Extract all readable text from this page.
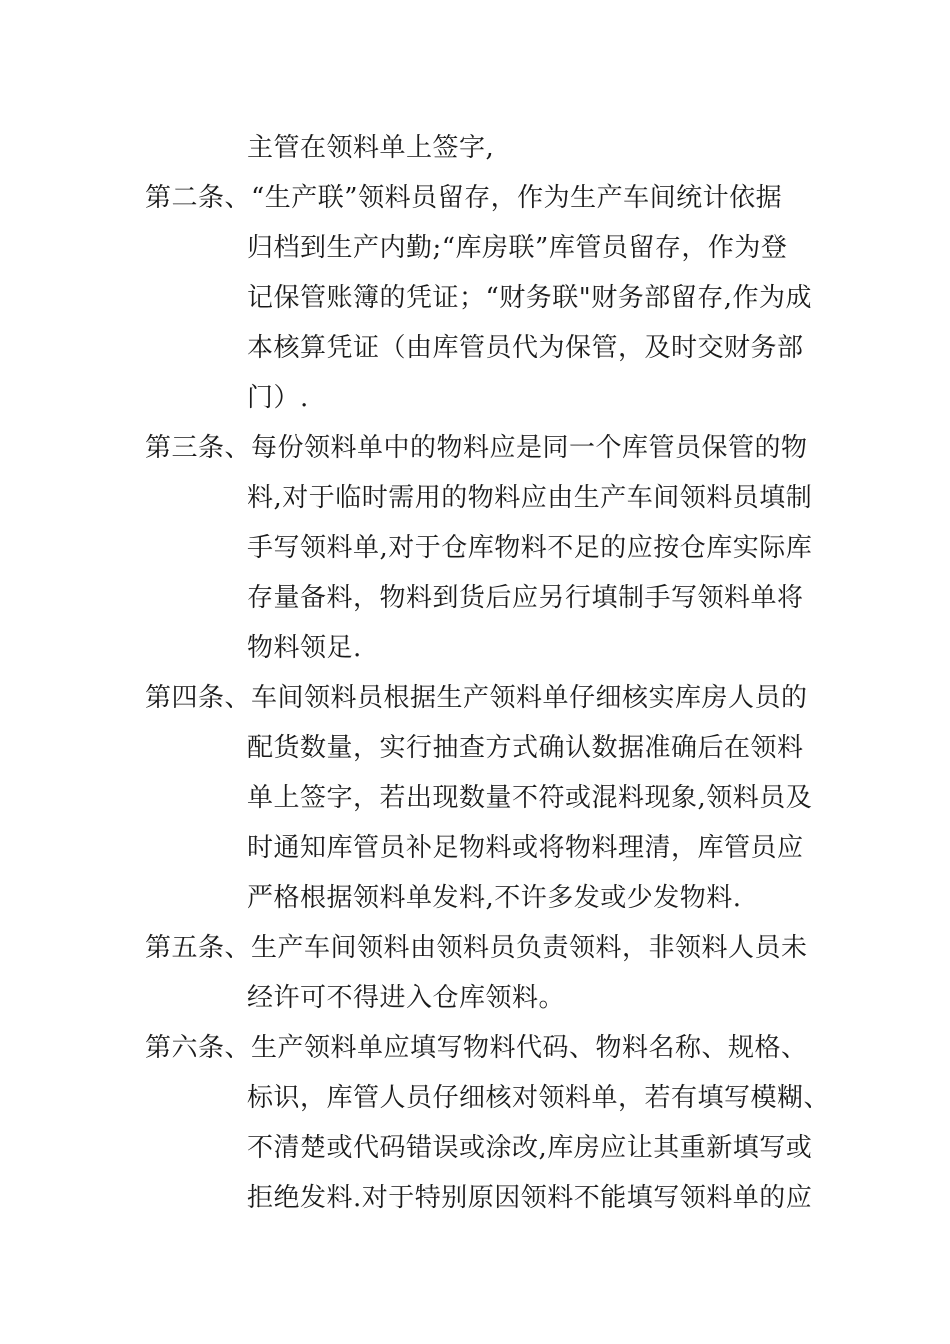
主管在领料单上签字,
第二条、“生产联”领料员留存，作为生产车间统计依据
归档到生产内勤;“库房联”库管员留存，作为登
记保管账簿的凭证；“财务联"财务部留存,作为成
本核算凭证（由库管员代为保管，及时交财务部
门）.
第三条、每份领料单中的物料应是同一个库管员保管的物
料,对于临时需用的物料应由生产车间领料员填制
手写领料单,对于仓库物料不足的应按仓库实际库
存量备料，物料到货后应另行填制手写领料单将
物料领足.
第四条、车间领料员根据生产领料单仔细核实库房人员的
配货数量，实行抽查方式确认数据准确后在领料
单上签字，若出现数量不符或混料现象,领料员及
时通知库管员补足物料或将物料理清，库管员应
严格根据领料单发料,不许多发或少发物料.
第五条、生产车间领料由领料员负责领料，非领料人员未
经许可不得进入仓库领料。
第六条、生产领料单应填写物料代码、物料名称、规格、
标识，库管人员仔细核对领料单，若有填写模糊、
不清楚或代码错误或涂改,库房应让其重新填写或
拒绝发料.对于特别原因领料不能填写领料单的应
